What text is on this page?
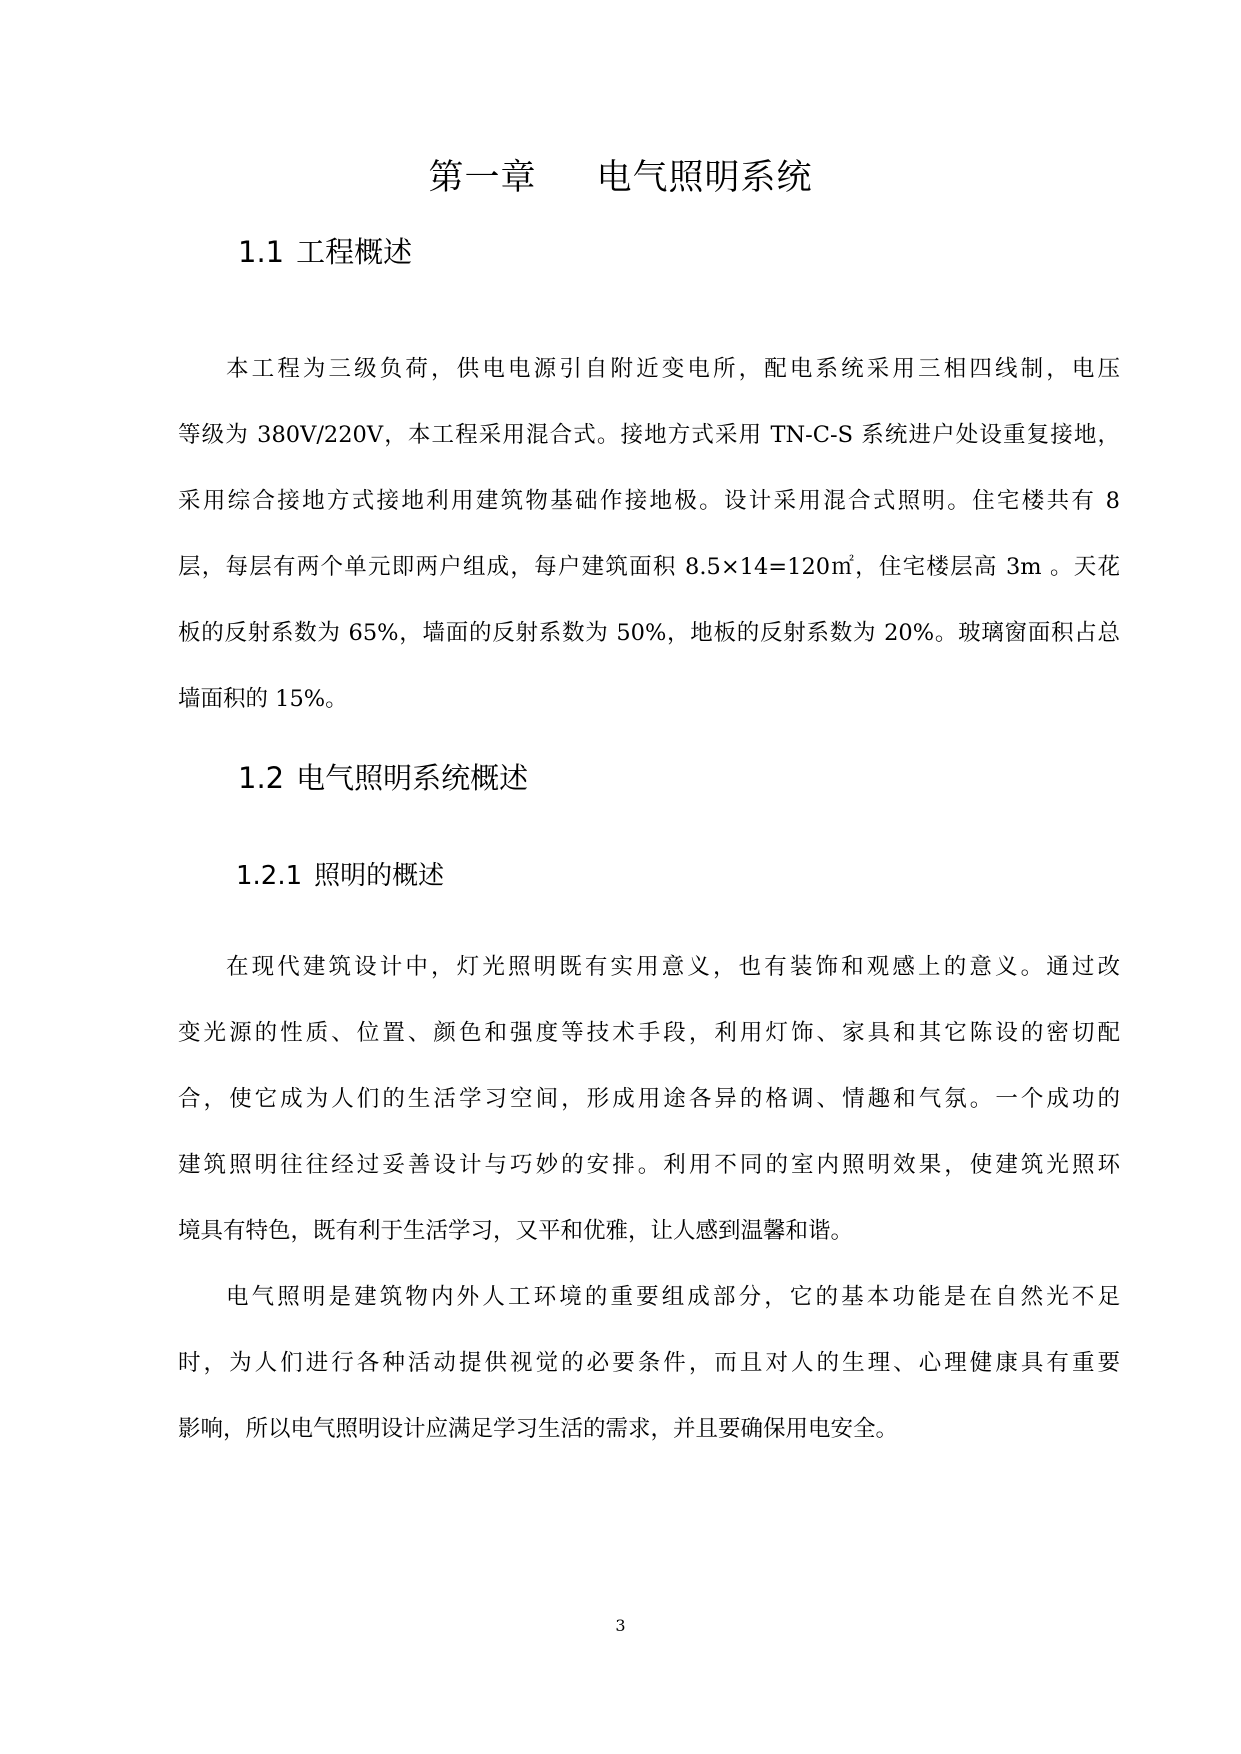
第一章 电气照明系统
1.1 工程概述
本工程为三级负荷，供电电源引自附近变电所，配电系统采用三相四线制，电压
等级为 380V/220V，本工程采用混合式。接地方式采用 TN-C-S 系统进户处设重复接地，
采用综合接地方式接地利用建筑物基础作接地极。设计采用混合式照明。住宅楼共有 8
层，每层有两个单元即两户组成，每户建筑面积 8.5×14=120㎡，住宅楼层高 3m 。天花
板的反射系数为 65%，墙面的反射系数为 50%，地板的反射系数为 20%。玻璃窗面积占总
墙面积的 15%。
1.2 电气照明系统概述
1.2.1 照明的概述
在现代建筑设计中，灯光照明既有实用意义，也有装饰和观感上的意义。通过改
变光源的性质、位置、颜色和强度等技术手段，利用灯饰、家具和其它陈设的密切配
合，使它成为人们的生活学习空间，形成用途各异的格调、情趣和气氛。一个成功的
建筑照明往往经过妥善设计与巧妙的安排。利用不同的室内照明效果，使建筑光照环
境具有特色，既有利于生活学习，又平和优雅，让人感到温馨和谐。
电气照明是建筑物内外人工环境的重要组成部分，它的基本功能是在自然光不足
时，为人们进行各种活动提供视觉的必要条件，而且对人的生理、心理健康具有重要
影响，所以电气照明设计应满足学习生活的需求，并且要确保用电安全。
3
